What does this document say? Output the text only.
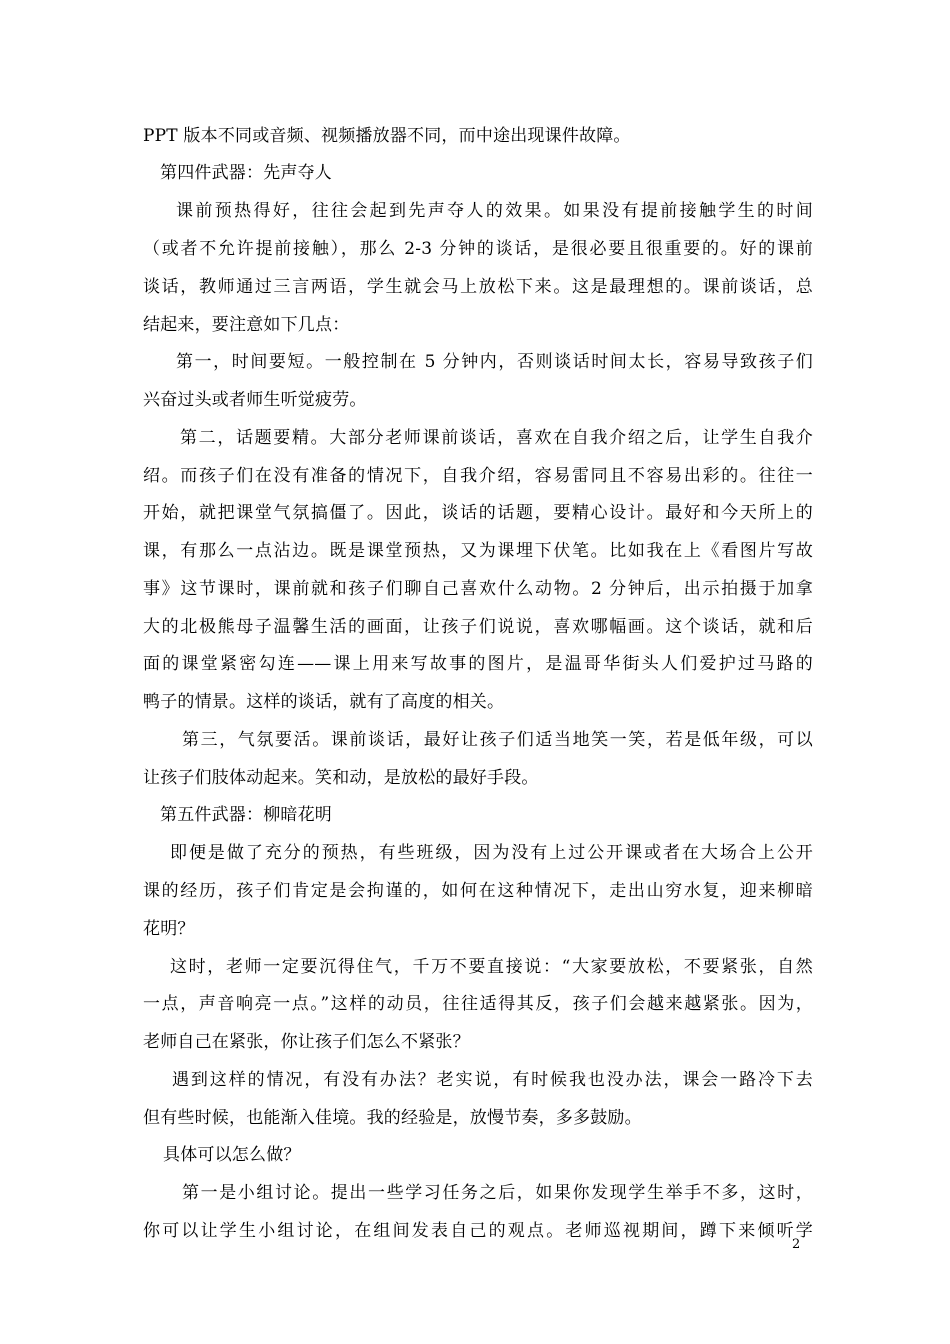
PPT 版本不同或音频、视频播放器不同，而中途出现课件故障。
第四件武器：先声夺人
课前预热得好，往往会起到先声夺人的效果。如果没有提前接触学生的时间
（或者不允许提前接触），那么 2-3 分钟的谈话，是很必要且很重要的。好的课前
谈话，教师通过三言两语，学生就会马上放松下来。这是最理想的。课前谈话，总
结起来，要注意如下几点：
第一，时间要短。一般控制在 5 分钟内，否则谈话时间太长，容易导致孩子们
兴奋过头或者师生听觉疲劳。
第二，话题要精。大部分老师课前谈话，喜欢在自我介绍之后，让学生自我介
绍。而孩子们在没有准备的情况下，自我介绍，容易雷同且不容易出彩的。往往一
开始，就把课堂气氛搞僵了。因此，谈话的话题，要精心设计。最好和今天所上的
课，有那么一点沾边。既是课堂预热，又为课埋下伏笔。比如我在上《看图片写故
事》这节课时，课前就和孩子们聊自己喜欢什么动物。2 分钟后，出示拍摄于加拿
大的北极熊母子温馨生活的画面，让孩子们说说，喜欢哪幅画。这个谈话，就和后
面的课堂紧密勾连——课上用来写故事的图片，是温哥华街头人们爱护过马路的
鸭子的情景。这样的谈话，就有了高度的相关。
第三，气氛要活。课前谈话，最好让孩子们适当地笑一笑，若是低年级，可以
让孩子们肢体动起来。笑和动，是放松的最好手段。
第五件武器：柳暗花明
即便是做了充分的预热，有些班级，因为没有上过公开课或者在大场合上公开
课的经历，孩子们肯定是会拘谨的，如何在这种情况下，走出山穷水复，迎来柳暗
花明？
这时，老师一定要沉得住气，千万不要直接说：“大家要放松，不要紧张，自然
一点，声音响亮一点。”这样的动员，往往适得其反，孩子们会越来越紧张。因为，
老师自己在紧张，你让孩子们怎么不紧张？
遇到这样的情况，有没有办法？老实说，有时候我也没办法，课会一路冷下去
但有些时候，也能渐入佳境。我的经验是，放慢节奏，多多鼓励。
具体可以怎么做？
第一是小组讨论。提出一些学习任务之后，如果你发现学生举手不多，这时，
你可以让学生小组讨论，在组间发表自己的观点。老师巡视期间，蹲下来倾听学
2
